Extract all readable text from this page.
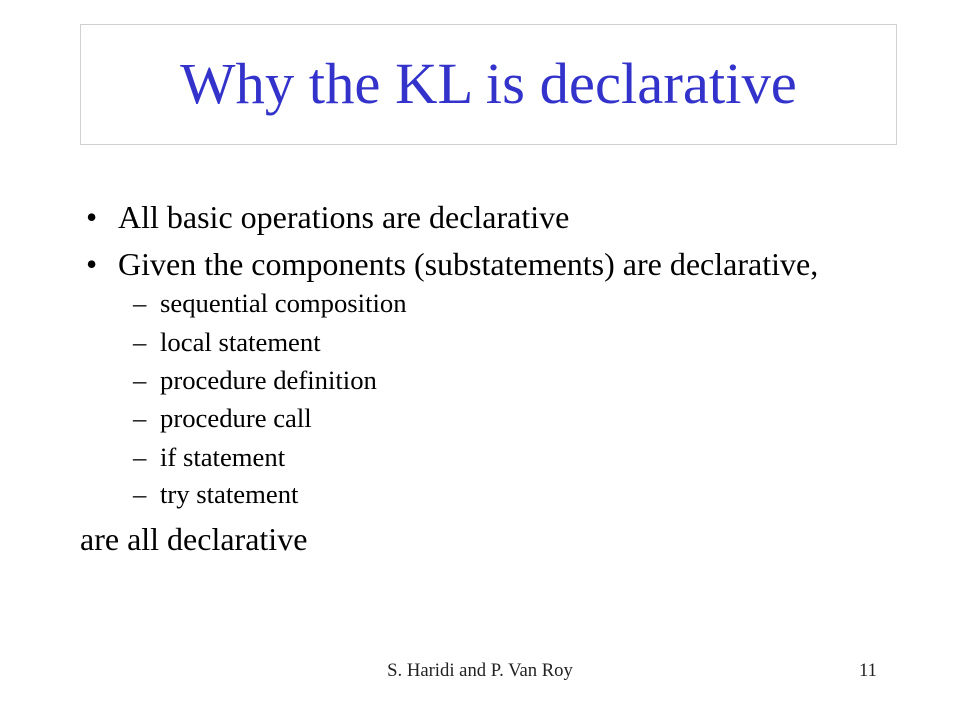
Why the KL is declarative
• All basic operations are declarative
• Given the components (substatements) are declarative,
– sequential composition
– local statement
– procedure definition
– procedure call
– if statement
– try statement
are all declarative
S. Haridi and P. Van Roy	11
